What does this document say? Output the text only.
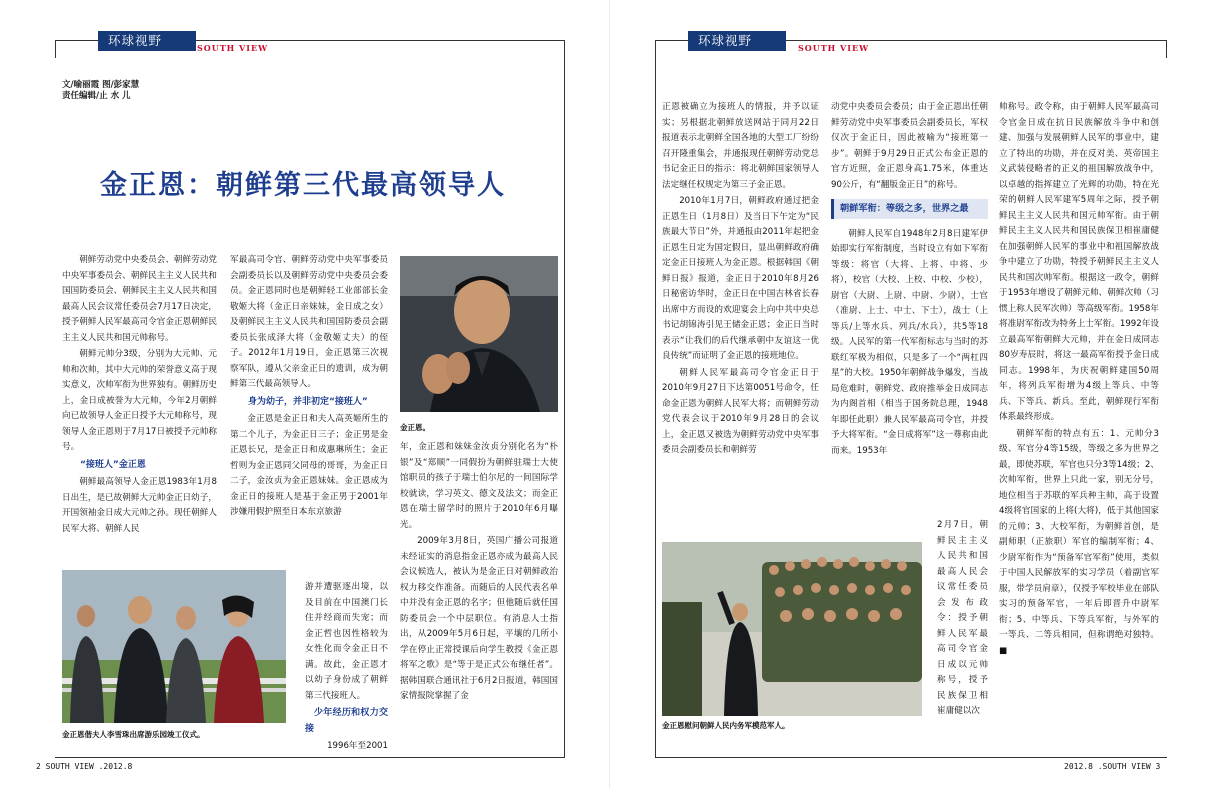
环球视野	SOUTH VIEW
文/喻丽霞 图/彭家慧
责任编辑/止 水 儿
金正恩：朝鲜第三代最高领导人

朝鲜劳动党中央委员会、朝鲜劳动党中央军事委员会、朝鲜民主主义人民共和国国防委员会、朝鲜民主主义人民共和国最高人民会议常任委员会7月17日决定，授予朝鲜人民军最高司令官金正恩朝鲜民主主义人民共和国元帅称号。

朝鲜元帅分3级，分别为大元帅、元帅和次帅，其中大元帅的荣誉意义高于现实意义，次帅军衔为世界独有。朝鲜历史上，金日成被誉为大元帅，今年2月朝鲜向已故领导人金正日授予大元帅称号，现领导人金正恩则于7月17日被授予元帅称号。

“接班人”金正恩

朝鲜最高领导人金正恩1983年1月8日出生，是已故朝鲜大元帅金正日幼子，开国领袖金日成大元帅之孙。现任朝鲜人民军大将、朝鲜人民

军最高司令官、朝鲜劳动党中央军事委员会副委员长以及朝鲜劳动党中央委员会委员。金正恩同时也是朝鲜轻工业部部长金敬姬大将（金正日亲妹妹，金日成之女）及朝鲜民主主义人民共和国国防委员会副委员长张成泽大将（金敬姬丈夫）的侄子。2012年1月19日，金正恩第三次视察军队，遵从父亲金正日的遗训，成为朝鲜第三代最高领导人。

身为幼子，并非初定“接班人”

金正恩是金正日和夫人高英姬所生的第二个儿子，为金正日三子；金正男是金正恩长兄，是金正日和成惠琳所生；金正哲则为金正恩同父同母的哥哥，为金正日二子，金汝贞为金正恩妹妹。金正恩成为金正日的接班人是基于金正男于2001年涉嫌用假护照至日本东京旅游

游并遭驱逐出境，以及目前在中国澳门长住并经商而失宠；而金正哲也因性格较为女性化而令金正日不满。故此，金正恩才以幼子身份成了朝鲜第三代接班人。

少年经历和权力交接

1996年至2001

年，金正恩和妹妹金汝贞分别化名为“朴银”及“郑顺”一同假扮为朝鲜驻瑞士大使馆职员的孩子于瑞士伯尔尼的一间国际学校就读，学习英文、德文及法文；而金正恩在瑞士留学时的照片于2010年6月曝光。

2009年3月8日，英国广播公司报道未经证实的消息指金正恩亦成为最高人民会议候选人，被认为是金正日对朝鲜政治权力移交作准备。而随后的人民代表名单中并没有金正恩的名字；但他随后就任国防委员会一个中层职位。有消息人士指出，从2009年5月6日起，平壤的几所小学在停止正常授课后向学生教授《金正恩将军之歌》是“等于是正式公布继任者”。据韩国联合通讯社于6月2日报道，韩国国家情报院掌握了金

金正恩。
金正恩偕夫人李雪珠出席游乐园竣工仪式。
2 SOUTH VIEW .2012.8
环球视野	SOUTH VIEW

正恩被确立为接班人的情报，并予以证实；另根据北朝鲜放送网站于同月22日报道表示北朝鲜全国各地的大型工厂纷纷召开隆重集会，并通报现任朝鲜劳动党总书记金正日的指示：将北朝鲜国家领导人法定继任权规定为第三子金正恩。

2010年1月7日，朝鲜政府通过把金正恩生日（1月8日）及当日下午定为“民族最大节日”外，并通报由2011年起把金正恩生日定为国定假日，显出朝鲜政府确定金正日接班人为金正恩。根据韩国《朝鲜日报》报道，金正日于2010年8月26日秘密访华时，金正日在中国吉林省长春出席中方而设的欢迎宴会上向中共中央总书记胡锦涛引见王储金正恩；金正日当时表示“让我们的后代继承朝中友谊这一优良传统”而证明了金正恩的接班地位。

朝鲜人民军最高司令官金正日于2010年9月27日下达第0051号命令，任命金正恩为朝鲜人民军大将；而朝鲜劳动党代表会议于2010年9月28日的会议上，金正恩又被选为朝鲜劳动党中央军事委员会副委员长和朝鲜劳

动党中央委员会委员；由于金正恩出任朝鲜劳动党中央军事委员会副委员长，军权仅次于金正日，因此被喻为“接班第一步”。朝鲜于9月29日正式公布金正恩的官方近照，金正恩身高1.75米，体重达90公斤，有“翻版金正日”的称号。

朝鲜军衔：等级之多，世界之最

朝鲜人民军自1948年2月8日建军伊始即实行军衔制度，当时设立有如下军衔等级：将官（大将、上将、中将、少将），校官（大校、上校、中校、少校），尉官（大尉、上尉、中尉、少尉），士官（准尉、上士、中士、下士），战士（上等兵/上等水兵、列兵/水兵），共5等18级。人民军的第一代军衔标志与当时的苏联红军极为相似，只是多了一个“两杠四星”的大校。1950年朝鲜战争爆发，当战局危难时，朝鲜党、政府推举金日成同志为内阁首相（相当于国务院总理，1948年即任此职）兼人民军最高司令官，并授予大将军衔。“金日成将军”这一尊称由此而来。1953年

2月7日，朝鲜民主主义人民共和国最高人民会议常任委员会发布政令：授予朝鲜人民军最高司令官金日成以元帅称号，授予民族保卫相崔庸健以次

帅称号。政令称，由于朝鲜人民军最高司令官金日成在抗日民族解放斗争中和创建、加强与发展朝鲜人民军的事业中，建立了特出的功勋，并在反对美、英帝国主义武装侵略者的正义的祖国解放战争中，以卓越的指挥建立了光辉的功勋，特在光荣的朝鲜人民军建军5周年之际，授予朝鲜民主主义人民共和国元帅军衔。由于朝鲜民主主义人民共和国民族保卫相崔庸健在加强朝鲜人民军的事业中和祖国解放战争中建立了功勋，特授予朝鲜民主主义人民共和国次帅军衔。根据这一政令，朝鲜于1953年增设了朝鲜元帅、朝鲜次帅（习惯上称人民军次帅）等高级军衔。1958年将准尉军衔改为特务上士军衔。1992年设立最高军衔朝鲜大元帅，并在金日成同志80岁寿辰时，将这一最高军衔授予金日成同志。1998年，为庆祝朝鲜建国50周年，将列兵军衔增为4级上等兵、中等兵、下等兵、新兵。至此，朝鲜现行军衔体系最终形成。

朝鲜军衔的特点有五：1、元帅分3级、军官分4等15级，等级之多为世界之最，即使苏联，军官也只分3等14级；2、次帅军衔，世界上只此一家，别无分号，地位相当于苏联的军兵种主帅，高于设置4级将官国家的上将(大将)，低于其他国家的元帅；3、大校军衔，为朝鲜首创，是副师职（正旅职）军官的编制军衔；4、少尉军衔作为“预备军官军衔”使用，类似于中国人民解放军的实习学员（着副官军服，带学员肩章），仅授予军校毕业在部队实习的预备军官，一年后即晋升中尉军衔；5、中等兵、下等兵军衔，与外军的一等兵、二等兵相同，但称谓绝对独特。■

金正恩慰问朝鲜人民内务军模范军人。
2012.8 .SOUTH VIEW 3
